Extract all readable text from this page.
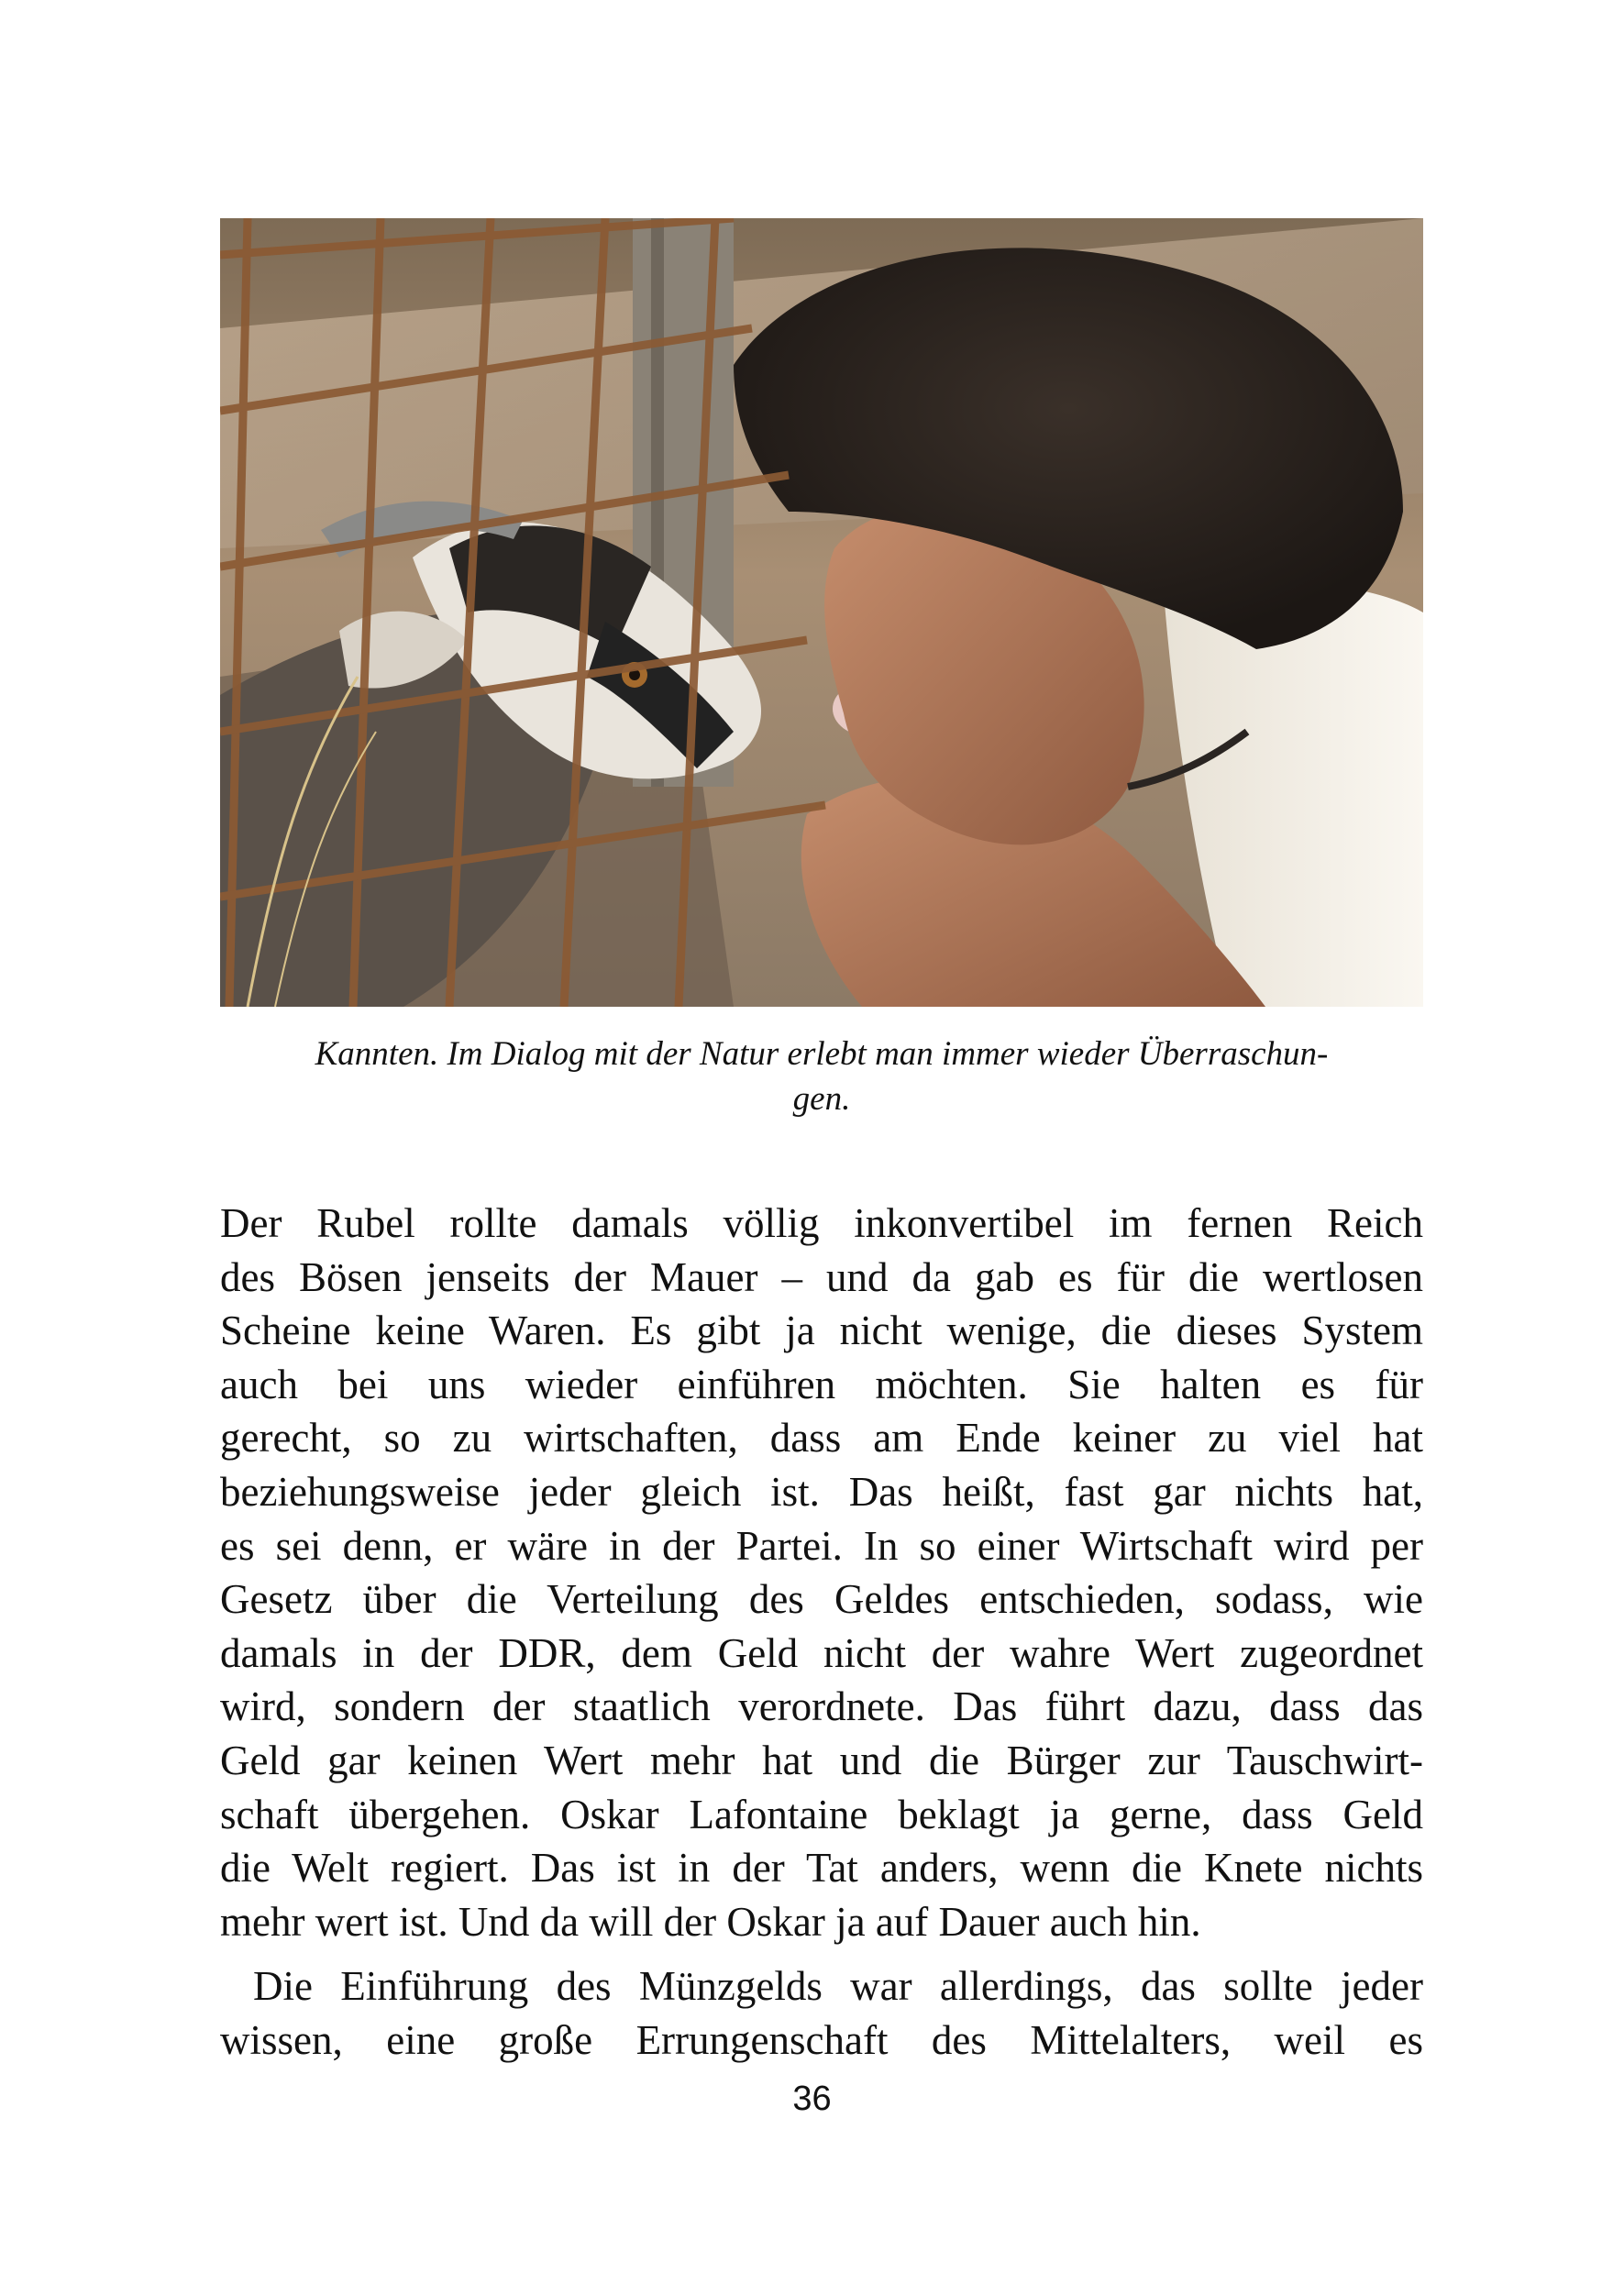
Kannten. Im Dialog mit der Natur erlebt man immer wieder Überraschun-
gen.
Der Rubel rollte damals völlig inkonvertibel im fernen Reich
des Bösen jenseits der Mauer – und da gab es für die wertlosen
Scheine keine Waren. Es gibt ja nicht wenige, die dieses System
auch bei uns wieder einführen möchten. Sie halten es für
gerecht, so zu wirtschaften, dass am Ende keiner zu viel hat
beziehungsweise jeder gleich ist. Das heißt, fast gar nichts hat,
es sei denn, er wäre in der Partei. In so einer Wirtschaft wird per
Gesetz über die Verteilung des Geldes entschieden, sodass, wie
damals in der DDR, dem Geld nicht der wahre Wert zugeordnet
wird, sondern der staatlich verordnete. Das führt dazu, dass das
Geld gar keinen Wert mehr hat und die Bürger zur Tauschwirt-
schaft übergehen. Oskar Lafontaine beklagt ja gerne, dass Geld
die Welt regiert. Das ist in der Tat anders, wenn die Knete nichts
mehr wert ist. Und da will der Oskar ja auf Dauer auch hin.
Die Einführung des Münzgelds war allerdings, das sollte jeder
wissen, eine große Errungenschaft des Mittelalters, weil es
36
